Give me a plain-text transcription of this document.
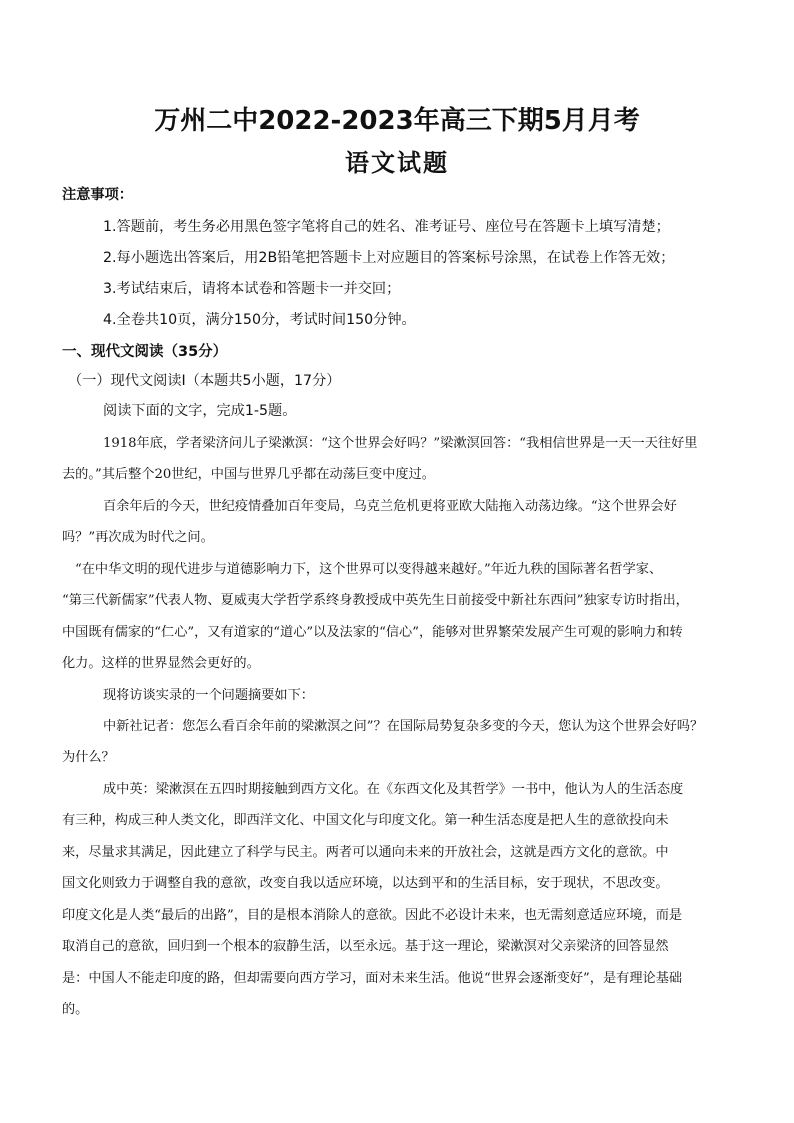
万州二中2022-2023年高三下期5月月考
语文试题
注意事项：
1.答题前，考生务必用黑色签字笔将自己的姓名、准考证号、座位号在答题卡上填写清楚；
2.每小题选出答案后，用2B铅笔把答题卡上对应题目的答案标号涂黑，在试卷上作答无效；
3.考试结束后，请将本试卷和答题卡一并交回；
4.全卷共10页，满分150分，考试时间150分钟。
一、现代文阅读（35分）
（一）现代文阅读Ⅰ（本题共5小题，17分）
阅读下面的文字，完成1-5题。
1918年底，学者梁济问儿子梁漱溟：“这个世界会好吗？”梁漱溟回答：“我相信世界是一天一天往好里
去的。”其后整个20世纪，中国与世界几乎都在动荡巨变中度过。
百余年后的今天，世纪疫情叠加百年变局，乌克兰危机更将亚欧大陆拖入动荡边缘。“这个世界会好
吗？”再次成为时代之问。
“在中华文明的现代进步与道德影响力下，这个世界可以变得越来越好。”年近九秩的国际著名哲学家、
“第三代新儒家”代表人物、夏威夷大学哲学系终身教授成中英先生日前接受中新社东西问”独家专访时指出，
中国既有儒家的“仁心”，又有道家的“道心”以及法家的“信心”，能够对世界繁荣发展产生可观的影响力和转
化力。这样的世界显然会更好的。
现将访谈实录的一个问题摘要如下：
中新社记者：您怎么看百余年前的梁漱溟之问”？在国际局势复杂多变的今天，您认为这个世界会好吗？
为什么？
成中英：梁漱溟在五四时期接触到西方文化。在《东西文化及其哲学》一书中，他认为人的生活态度
有三种，构成三种人类文化，即西洋文化、中国文化与印度文化。第一种生活态度是把人生的意欲投向未
来，尽量求其满足，因此建立了科学与民主。两者可以通向未来的开放社会，这就是西方文化的意欲。中
国文化则致力于调整自我的意欲，改变自我以适应环境，以达到平和的生活目标，安于现状，不思改变。
印度文化是人类“最后的出路”，目的是根本消除人的意欲。因此不必设计未来，也无需刻意适应环境，而是
取消自己的意欲，回归到一个根本的寂静生活，以至永远。基于这一理论，梁漱溟对父亲梁济的回答显然
是：中国人不能走印度的路，但却需要向西方学习，面对未来生活。他说“世界会逐渐变好”，是有理论基础
的。
